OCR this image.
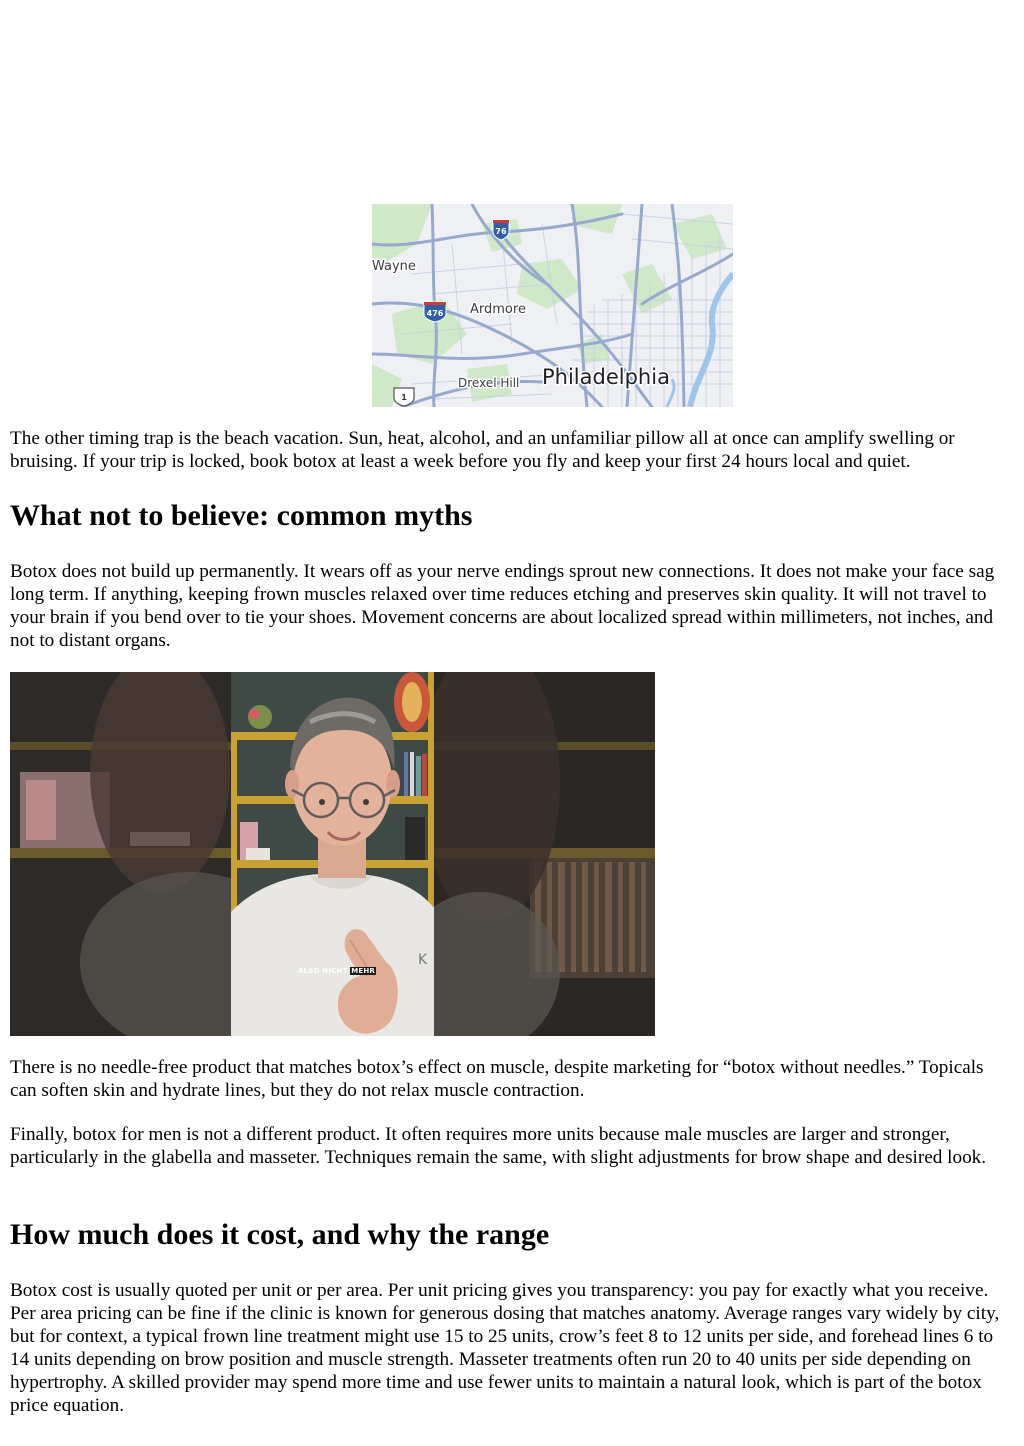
76
476
1
Wayne
Ardmore
Drexel Hill Philadelphia

The other timing trap is the beach vacation. Sun, heat, alcohol, and an unfamiliar pillow all at once can amplify swelling or bruising. If your trip is locked, book botox at least a week before you fly and keep your first 24 hours local and quiet.

What not to believe: common myths

Botox does not build up permanently. It wears off as your nerve endings sprout new connections. It does not make your face sag long term. If anything, keeping frown muscles relaxed over time reduces etching and preserves skin quality. It will not travel to your brain if you bend over to tie your shoes. Movement concerns are about localized spread within millimeters, not inches, and not to distant organs.

K
ALSO NICHT MEHR

There is no needle-free product that matches botox’s effect on muscle, despite marketing for “botox without needles.” Topicals can soften skin and hydrate lines, but they do not relax muscle contraction.

Finally, botox for men is not a different product. It often requires more units because male muscles are larger and stronger, particularly in the glabella and masseter. Techniques remain the same, with slight adjustments for brow shape and desired look.

How much does it cost, and why the range

Botox cost is usually quoted per unit or per area. Per unit pricing gives you transparency: you pay for exactly what you receive. Per area pricing can be fine if the clinic is known for generous dosing that matches anatomy. Average ranges vary widely by city, but for context, a typical frown line treatment might use 15 to 25 units, crow’s feet 8 to 12 units per side, and forehead lines 6 to 14 units depending on brow position and muscle strength. Masseter treatments often run 20 to 40 units per side depending on hypertrophy. A skilled provider may spend more time and use fewer units to maintain a natural look, which is part of the botox price equation.
